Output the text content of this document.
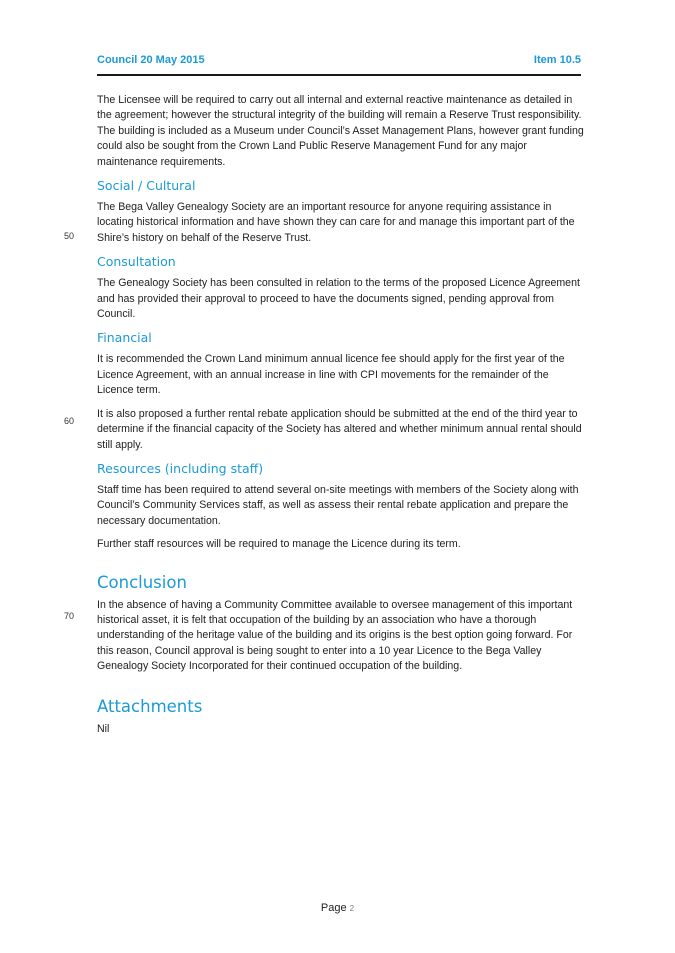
Council 20 May 2015	Item 10.5

The Licensee will be required to carry out all internal and external reactive maintenance as detailed in the agreement; however the structural integrity of the building will remain a Reserve Trust responsibility. The building is included as a Museum under Council’s Asset Management Plans, however grant funding could also be sought from the Crown Land Public Reserve Management Fund for any major maintenance requirements.

Social / Cultural

The Bega Valley Genealogy Society are an important resource for anyone requiring assistance in locating historical information and have shown they can care for and manage this important part of the Shire’s history on behalf of the Reserve Trust.

Consultation

The Genealogy Society has been consulted in relation to the terms of the proposed Licence Agreement and has provided their approval to proceed to have the documents signed, pending approval from Council.

Financial

It is recommended the Crown Land minimum annual licence fee should apply for the first year of the Licence Agreement, with an annual increase in line with CPI movements for the remainder of the Licence term.

It is also proposed a further rental rebate application should be submitted at the end of the third year to determine if the financial capacity of the Society has altered and whether minimum annual rental should still apply.

Resources (including staff)

Staff time has been required to attend several on-site meetings with members of the Society along with Council’s Community Services staff, as well as assess their rental rebate application and prepare the necessary documentation.

Further staff resources will be required to manage the Licence during its term.

Conclusion

In the absence of having a Community Committee available to oversee management of this important historical asset, it is felt that occupation of the building by an association who have a thorough understanding of the heritage value of the building and its origins is the best option going forward. For this reason, Council approval is being sought to enter into a 10 year Licence to the Bega Valley Genealogy Society Incorporated for their continued occupation of the building.

Attachments

Nil

50
60
70
Page 2
